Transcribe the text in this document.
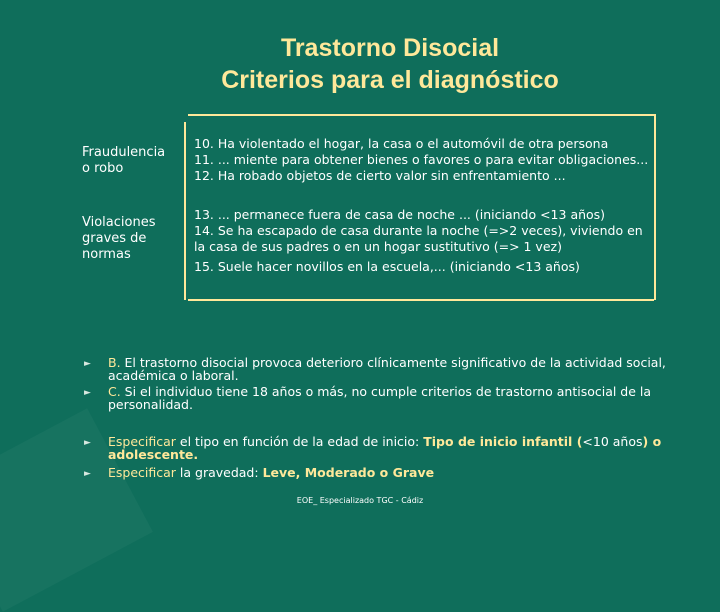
Trastorno Disocial
Criterios para el diagnóstico
Fraudulencia o robo

10. Ha violentado el hogar, la casa o el automóvil de otra persona

11. ... miente para obtener bienes o favores o para evitar obligaciones...

12. Ha robado objetos de cierto valor sin enfrentamiento ...

Violaciones graves de normas

13. ... permanece fuera de casa de noche ... (iniciando <13 años)

14. Se ha escapado de casa durante la noche (=>2 veces), viviendo en la casa de sus padres o en un hogar sustitutivo (=> 1 vez)

15. Suele hacer novillos en la escuela,... (iniciando <13 años)

► B. El trastorno disocial provoca deterioro clínicamente significativo de la actividad social, académica o laboral.
► C. Si el individuo tiene 18 años o más, no cumple criterios de trastorno antisocial de la personalidad.
► Especificar el tipo en función de la edad de inicio: Tipo de inicio infantil (<10 años) o adolescente.
► Especificar la gravedad: Leve, Moderado o Grave
EOE_ Especializado TGC - Cádiz
